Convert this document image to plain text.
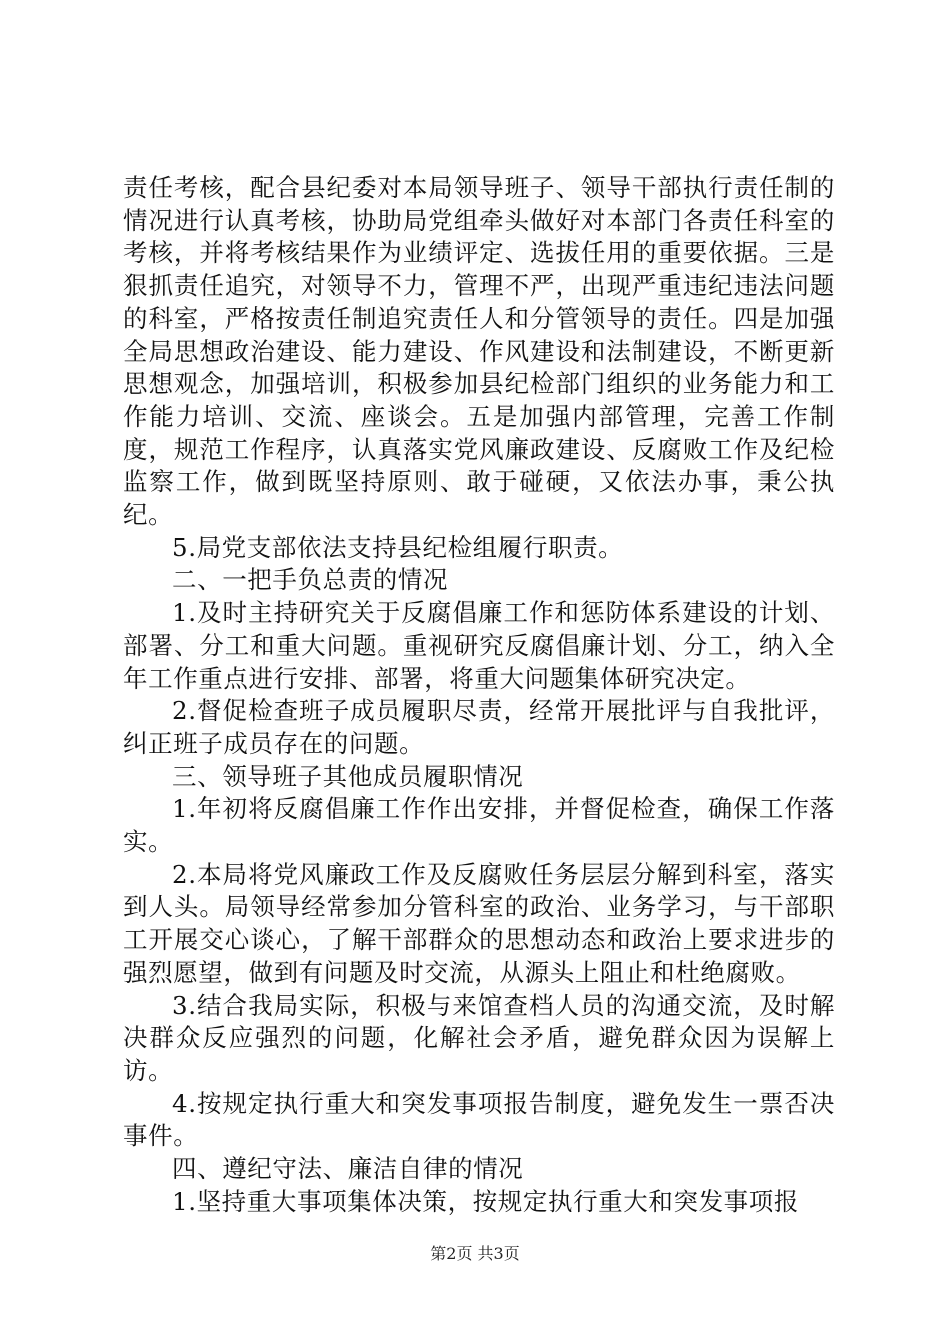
责任考核，配合县纪委对本局领导班子、领导干部执行责任制的情况进行认真考核，协助局党组牵头做好对本部门各责任科室的考核，并将考核结果作为业绩评定、选拔任用的重要依据。三是狠抓责任追究，对领导不力，管理不严，出现严重违纪违法问题的科室，严格按责任制追究责任人和分管领导的责任。四是加强全局思想政治建设、能力建设、作风建设和法制建设，不断更新思想观念，加强培训，积极参加县纪检部门组织的业务能力和工作能力培训、交流、座谈会。五是加强内部管理，完善工作制度，规范工作程序，认真落实党风廉政建设、反腐败工作及纪检监察工作，做到既坚持原则、敢于碰硬，又依法办事，秉公执纪。

5.局党支部依法支持县纪检组履行职责。

二、一把手负总责的情况

1.及时主持研究关于反腐倡廉工作和惩防体系建设的计划、部署、分工和重大问题。重视研究反腐倡廉计划、分工，纳入全年工作重点进行安排、部署，将重大问题集体研究决定。

2.督促检查班子成员履职尽责，经常开展批评与自我批评，纠正班子成员存在的问题。

三、领导班子其他成员履职情况

1.年初将反腐倡廉工作作出安排，并督促检查，确保工作落实。

2.本局将党风廉政工作及反腐败任务层层分解到科室，落实到人头。局领导经常参加分管科室的政治、业务学习，与干部职工开展交心谈心，了解干部群众的思想动态和政治上要求进步的强烈愿望，做到有问题及时交流，从源头上阻止和杜绝腐败。

3.结合我局实际，积极与来馆查档人员的沟通交流，及时解决群众反应强烈的问题，化解社会矛盾，避免群众因为误解上访。

4.按规定执行重大和突发事项报告制度，避免发生一票否决事件。

四、遵纪守法、廉洁自律的情况

1.坚持重大事项集体决策，按规定执行重大和突发事项报

第2页 共3页
